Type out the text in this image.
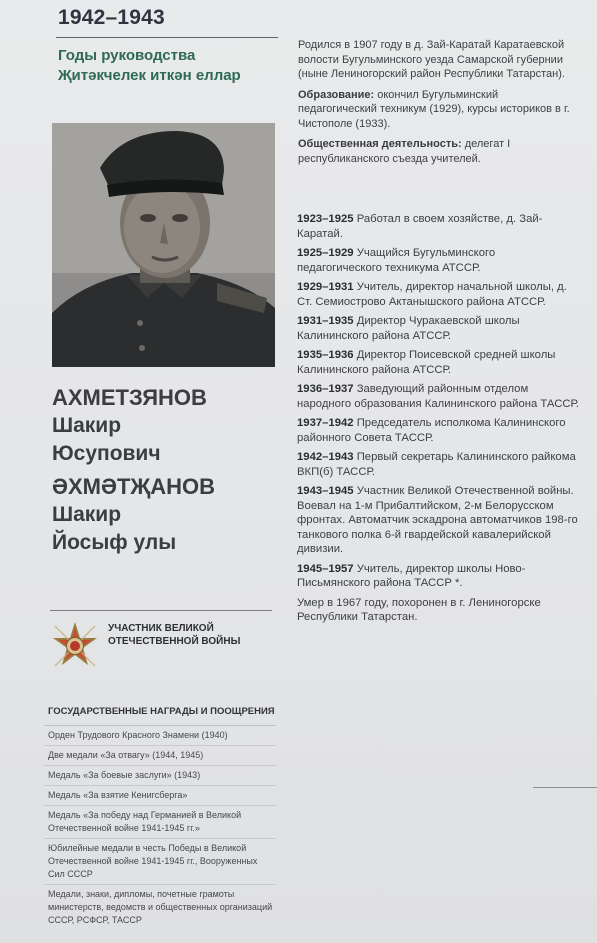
1942–1943
Годы руководства
Җитәкчелек иткән еллар
АХМЕТЗЯНОВ
Шакир
Юсупович
ӘХМӘТҖАНОВ
Шакир
Йосыф улы
УЧАСТНИК ВЕЛИКОЙ ОТЕЧЕСТВЕННОЙ ВОЙНЫ
ГОСУДАРСТВЕННЫЕ НАГРАДЫ И ПООЩРЕНИЯ
Орден Трудового Красного Знамени (1940)
Две медали «За отвагу» (1944, 1945)
Медаль «За боевые заслуги» (1943)
Медаль «За взятие Кенигсберга»
Медаль «За победу над Германией в Великой Отечественной войне 1941-1945 гг.»
Юбилейные медали в честь Победы в Великой Отечественной войне 1941-1945 гг., Вооруженных Сил СССР
Медали, знаки, дипломы, почетные грамоты министерств, ведомств и общественных организаций СССР, РСФСР, ТАССР

Родился в 1907 году в д. Зай-Каратай Каратаевской волости Бугульминского уезда Самарской губернии (ныне Лениногорский район Республики Татарстан).

Образование: окончил Бугульминский педагогический техникум (1929), курсы историков в г. Чистополе (1933).

Общественная деятельность: делегат I республиканского съезда учителей.

1923–1925 Работал в своем хозяйстве, д. Зай-Каратай.
1925–1929 Учащийся Бугульминского педагогического техникума АТССР.
1929–1931 Учитель, директор начальной школы, д. Ст. Семиострово Актанышского района АТССР.
1931–1935 Директор Чуракаевской школы Калининского района АТССР.
1935–1936 Директор Поисевской средней школы Калининского района АТССР.
1936–1937 Заведующий районным отделом народного образования Калининского района ТАССР.
1937–1942 Председатель исполкома Калининского районного Совета ТАССР.
1942–1943 Первый секретарь Калининского райкома ВКП(б) ТАССР.
1943–1945 Участник Великой Отечественной войны. Воевал на 1-м Прибалтийском, 2-м Белорусском фронтах. Автоматчик эскадрона автоматчиков 198-го танкового полка 6-й гвардейской кавалерийской дивизии.
1945–1957 Учитель, директор школы Ново-Письмянского района ТАССР *.
Умер в 1967 году, похоронен в г. Лениногорске Республики Татарстан.
